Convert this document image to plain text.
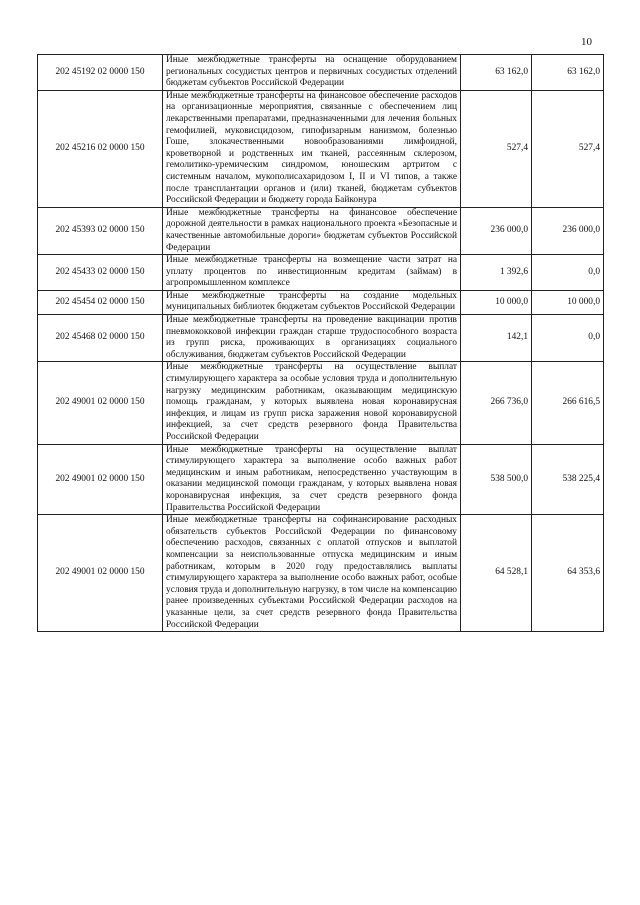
10
202 45192 02 0000 150	Иные межбюджетные трансферты на оснащение оборудованием региональных сосудистых центров и первичных сосудистых отделений бюджетам субъектов Российской Федерации	63 162,0	63 162,0
202 45216 02 0000 150	Иные межбюджетные трансферты на финансовое обеспечение расходов на организационные мероприятия, связанные с обеспечением лиц лекарственными препаратами, предназначенными для лечения больных гемофилией, муковисцидозом, гипофизарным нанизмом, болезнью Гоше, злокачественными новообразованиями лимфоидной, кроветворной и родственных им тканей, рассеянным склерозом, гемолитико-уремическим синдромом, юношеским артритом с системным началом, мукополисахаридозом I, II и VI типов, а также после трансплантации органов и (или) тканей, бюджетам субъектов Российской Федерации и бюджету города Байконура	527,4	527,4
202 45393 02 0000 150	Иные межбюджетные трансферты на финансовое обеспечение дорожной деятельности в рамках национального проекта «Безопасные и качественные автомобильные дороги» бюджетам субъектов Российской Федерации	236 000,0	236 000,0
202 45433 02 0000 150	Иные межбюджетные трансферты на возмещение части затрат на уплату процентов по инвестиционным кредитам (займам) в агропромышленном комплексе	1 392,6	0,0
202 45454 02 0000 150	Иные межбюджетные трансферты на создание модельных муниципальных библиотек бюджетам субъектов Российской Федерации	10 000,0	10 000,0
202 45468 02 0000 150	Иные межбюджетные трансферты на проведение вакцинации против пневмококковой инфекции граждан старше трудоспособного возраста из групп риска, проживающих в организациях социального обслуживания, бюджетам субъектов Российской Федерации	142,1	0,0
202 49001 02 0000 150	Иные межбюджетные трансферты на осуществление выплат стимулирующего характера за особые условия труда и дополнительную нагрузку медицинским работникам, оказывающим медицинскую помощь гражданам, у которых выявлена новая коронавирусная инфекция, и лицам из групп риска заражения новой коронавирусной инфекцией, за счет средств резервного фонда Правительства Российской Федерации	266 736,0	266 616,5
202 49001 02 0000 150	Иные межбюджетные трансферты на осуществление выплат стимулирующего характера за выполнение особо важных работ медицинским и иным работникам, непосредственно участвующим в оказании медицинской помощи гражданам, у которых выявлена новая коронавирусная инфекция, за счет средств резервного фонда Правительства Российской Федерации	538 500,0	538 225,4
202 49001 02 0000 150	Иные межбюджетные трансферты на софинансирование расходных обязательств субъектов Российской Федерации по финансовому обеспечению расходов, связанных с оплатой отпусков и выплатой компенсации за неиспользованные отпуска медицинским и иным работникам, которым в 2020 году предоставлялись выплаты стимулирующего характера за выполнение особо важных работ, особые условия труда и дополнительную нагрузку, в том числе на компенсацию ранее произведенных субъектами Российской Федерации расходов на указанные цели, за счет средств резервного фонда Правительства Российской Федерации	64 528,1	64 353,6
